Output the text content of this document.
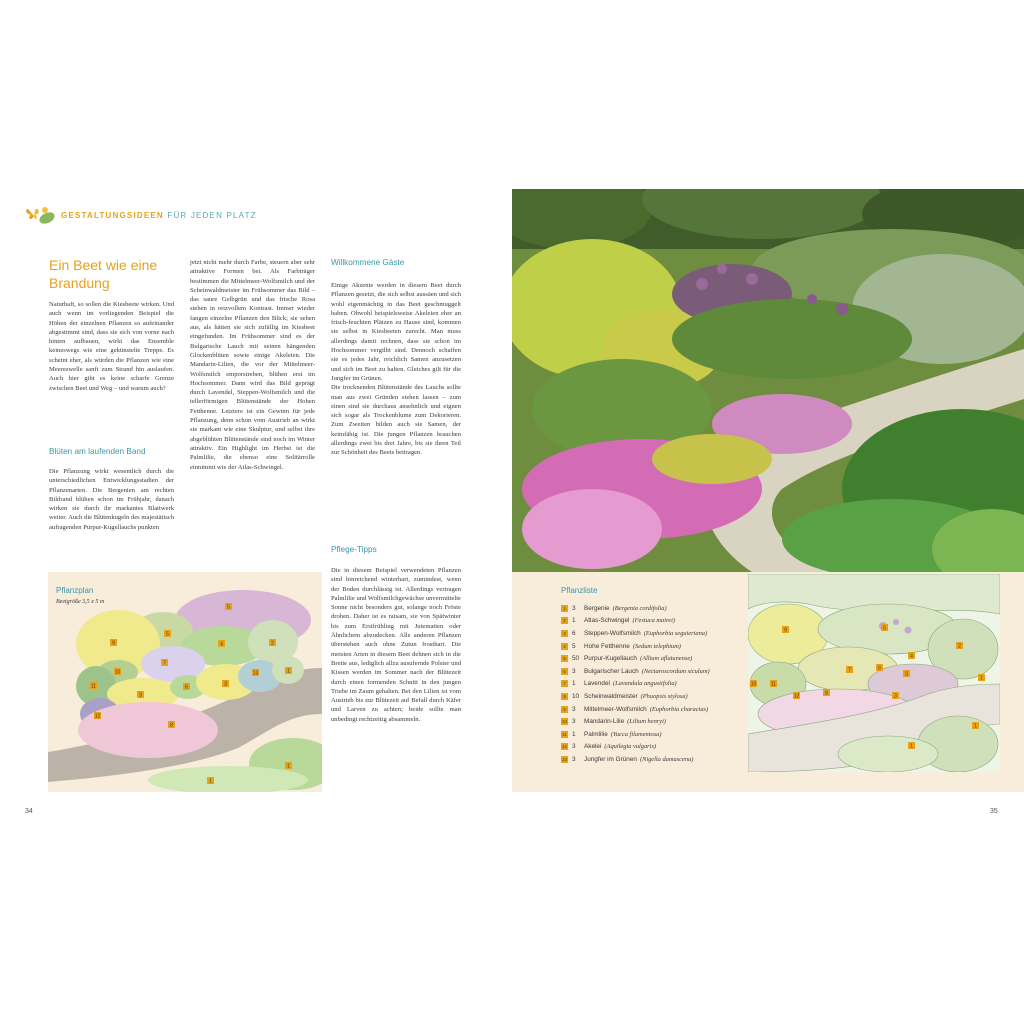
GESTALTUNGSIDEEN FÜR JEDEN PLATZ
Ein Beet wie eine Brandung

Naturhaft, so sollen die Kiesbeete wirken. Und auch wenn im vorliegenden Beispiel die Höhen der einzelnen Pflanzen so aufeinander abgestimmt sind, dass sie sich von vorne nach hinten aufbauen, wirkt das Ensemble keineswegs wie eine gekünstelte Treppe. Es scheint eher, als würden die Pflanzen wie eine Meereswelle sanft zum Strand hin auslaufen. Auch hier gibt es keine scharfe Grenze zwischen Beet und Weg – und warum auch?

Blüten am laufenden Band

Die Pflanzung wirkt wesentlich durch die unterschiedlichen Entwicklungsstadien der Pflanzenarten. Die Bergenien am rechten Bildrand blühen schon im Frühjahr, danach wirken sie durch ihr markantes Blattwerk weiter. Auch die Blütenkugeln des majestätisch aufragenden Purpur-Kugellauchs punkten

jetzt nicht mehr durch Farbe, steuern aber sehr attraktive Formen bei. Als Farbträger bestimmen die Mittelmeer-Wolfsmilch und der Scheinwaldmeister im Frühsommer das Bild – das saure Gelbgrün und das frische Rosa stehen in reizvollem Kontrast. Immer wieder fangen einzelne Pflanzen den Blick; sie sehen aus, als hätten sie sich zufällig im Kiesbeet eingefunden. Im Frühsommer sind es der Bulgarische Lauch mit seinen hängenden Glockenblüten sowie einige Akeleien. Die Mandarin-Lilien, die vor der Mittelmeer-Wolfsmilch emporstreben, blühen erst im Hochsommer. Dann wird das Bild geprägt durch Lavendel, Steppen-Wolfsmilch und die tellerförmigen Blütenstände der Hohen Fetthenne. Letztere ist ein Gewinn für jede Pflanzung, denn schon vom Austrieb an wirkt sie markant wie eine Skulptur, und selbst ihre abgeblühten Blütenstände sind noch im Winter attraktiv. Ein Highlight im Herbst ist die Palmlilie, die ebenso eine Solitärrolle einnimmt wie der Atlas-Schwingel.

Willkommene Gäste

Einige Akzente werden in diesem Beet durch Pflanzen gesetzt, die sich selbst aussäen und sich wohl eigenmächtig in das Beet geschmuggelt haben. Obwohl beispielsweise Akeleien eher an frisch-feuchten Plätzen zu Hause sind, kommen sie selbst in Kiesbeeten zurecht. Man muss allerdings damit rechnen, dass sie schon im Hochsommer vergilbt sind. Dennoch schaffen sie es jedes Jahr, reichlich Samen anzusetzen und sich im Beet zu halten. Gleiches gilt für die Jungfer im Grünen.

Die trocknenden Blütenstände des Lauchs sollte man aus zwei Gründen stehen lassen – zum einen sind sie durchaus ansehnlich und eignen sich sogar als Trockenblume zum Dekorieren. Zum Zweiten bilden auch sie Samen, der keimfähig ist. Die jungen Pflanzen brauchen allerdings zwei bis drei Jahre, bis sie ihren Teil zur Schönheit des Beets beitragen.

Pflege-Tipps

Die in diesem Beispiel verwendeten Pflanzen sind hinreichend winterhart, zumindest, wenn der Boden durchlässig ist. Allerdings vertragen Palmlilie und Wolfsmilchgewächse unvermittelte Sonne nicht besonders gut, solange noch Fröste drohen. Daher ist es ratsam, sie von Spätwinter bis zum Erstfrühling mit Jutematten oder Ähnlichem abzudecken. Alle anderen Pflanzen überstehen auch ohne Zutun frosthart. Die meisten Arten in diesem Beet dehnen sich in die Breite aus, lediglich allzu ausufernde Polster und Kissen werden im Sommer nach der Blütezeit durch einen formenden Schnitt in den jungen Triebe im Zaum gehalten. Bei den Lilien ist vom Austrieb bis zur Blütezeit auf Befall durch Käfer und Larven zu achten; beide sollte man unbedingt rechtzeitig absammeln.

5
9
5
4	2
1
13
3
6
7
10
11
3
12
8
1
1
Pflanzplan
Beetgröße 3,5 x 5 m
Pflanzliste
1 3	Bergenie (Bergenia cordifolia)
2 1	Atlas-Schwingel (Festuca mairei)
3 6	Steppen-Wolfsmilch (Euphorbia seguieriana)
4 5	Hohe Fetthenne (Sedum telephium)
5 50 Purpur-Kugellauch (Allium aflatunense)
6 3	Bulgarischer Lauch (Nectaroscordum siculum)
7 1	Lavendel (Lavandula angustifolia)
8 10 Scheinwaldmeister (Phuopsis stylosa)
9 3	Mittelmeer-Wolfsmilch (Euphorbia characias)
10 3	Mandarin-Lilie (Lilium henryi)
11 1	Palmlilie (Yucca filamentosa)
12 3	Akelei (Aquilegia vulgaris)
13 3	Jungfer im Grünen (Nigella damascena)
9	5
2
7	6
4
3
1
11
10
12	8	3
1
1
34	35
